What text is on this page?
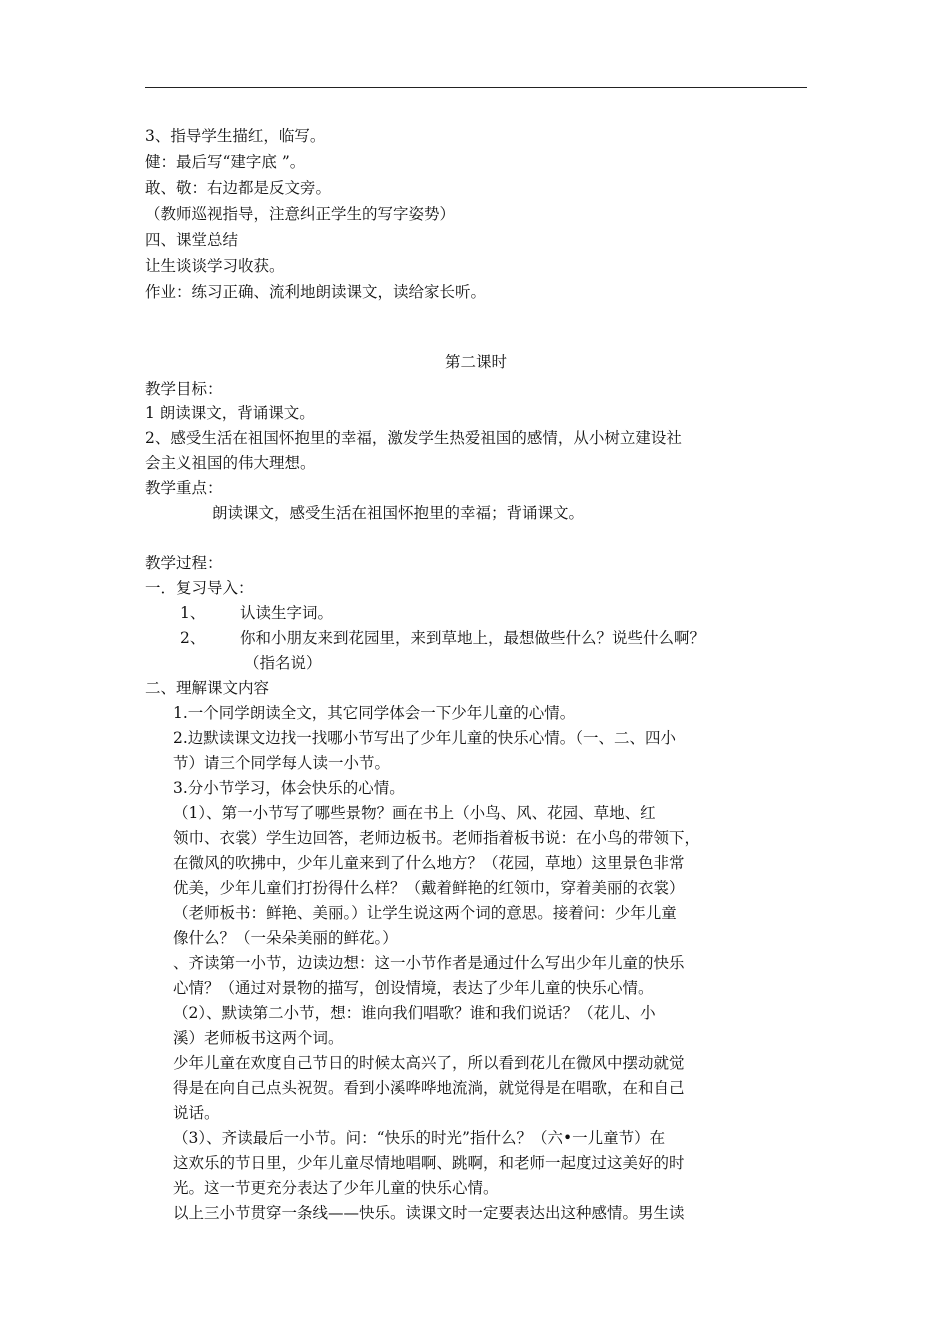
3、指导学生描红，临写。
健：最后写“建字底 ”。
敢、敬：右边都是反文旁。
（教师巡视指导，注意纠正学生的写字姿势）
四、课堂总结
让生谈谈学习收获。
作业：练习正确、流利地朗读课文，读给家长听。
第二课时
教学目标：
1 朗读课文，背诵课文。
2、感受生活在祖国怀抱里的幸福，激发学生热爱祖国的感情，从小树立建设社
会主义祖国的伟大理想。
教学重点：
朗读课文，感受生活在祖国怀抱里的幸福；背诵课文。
教学过程：
一．复习导入：
1、 认读生字词。
2、 你和小朋友来到花园里，来到草地上，最想做些什么？说些什么啊？
（指名说）
二、理解课文内容
1.一个同学朗读全文，其它同学体会一下少年儿童的心情。
2.边默读课文边找一找哪小节写出了少年儿童的快乐心情。（一、二、四小
节）请三个同学每人读一小节。
3.分小节学习，体会快乐的心情。
（1）、第一小节写了哪些景物？画在书上（小鸟、风、花园、草地、红
领巾、衣裳）学生边回答，老师边板书。老师指着板书说：在小鸟的带领下，
在微风的吹拂中，少年儿童来到了什么地方？（花园，草地）这里景色非常
优美，少年儿童们打扮得什么样？（戴着鲜艳的红领巾，穿着美丽的衣裳）
（老师板书：鲜艳、美丽。）让学生说这两个词的意思。接着问：少年儿童
像什么？（一朵朵美丽的鲜花。）
、齐读第一小节，边读边想：这一小节作者是通过什么写出少年儿童的快乐
心情？（通过对景物的描写，创设情境，表达了少年儿童的快乐心情。
（2）、默读第二小节，想：谁向我们唱歌？谁和我们说话？（花儿、小
溪）老师板书这两个词。
少年儿童在欢度自己节日的时候太高兴了，所以看到花儿在微风中摆动就觉
得是在向自己点头祝贺。看到小溪哗哗地流淌，就觉得是在唱歌，在和自己
说话。
（3）、齐读最后一小节。问：“快乐的时光”指什么？（六•一儿童节）在
这欢乐的节日里，少年儿童尽情地唱啊、跳啊，和老师一起度过这美好的时
光。这一节更充分表达了少年儿童的快乐心情。
以上三小节贯穿一条线——快乐。读课文时一定要表达出这种感情。男生读
